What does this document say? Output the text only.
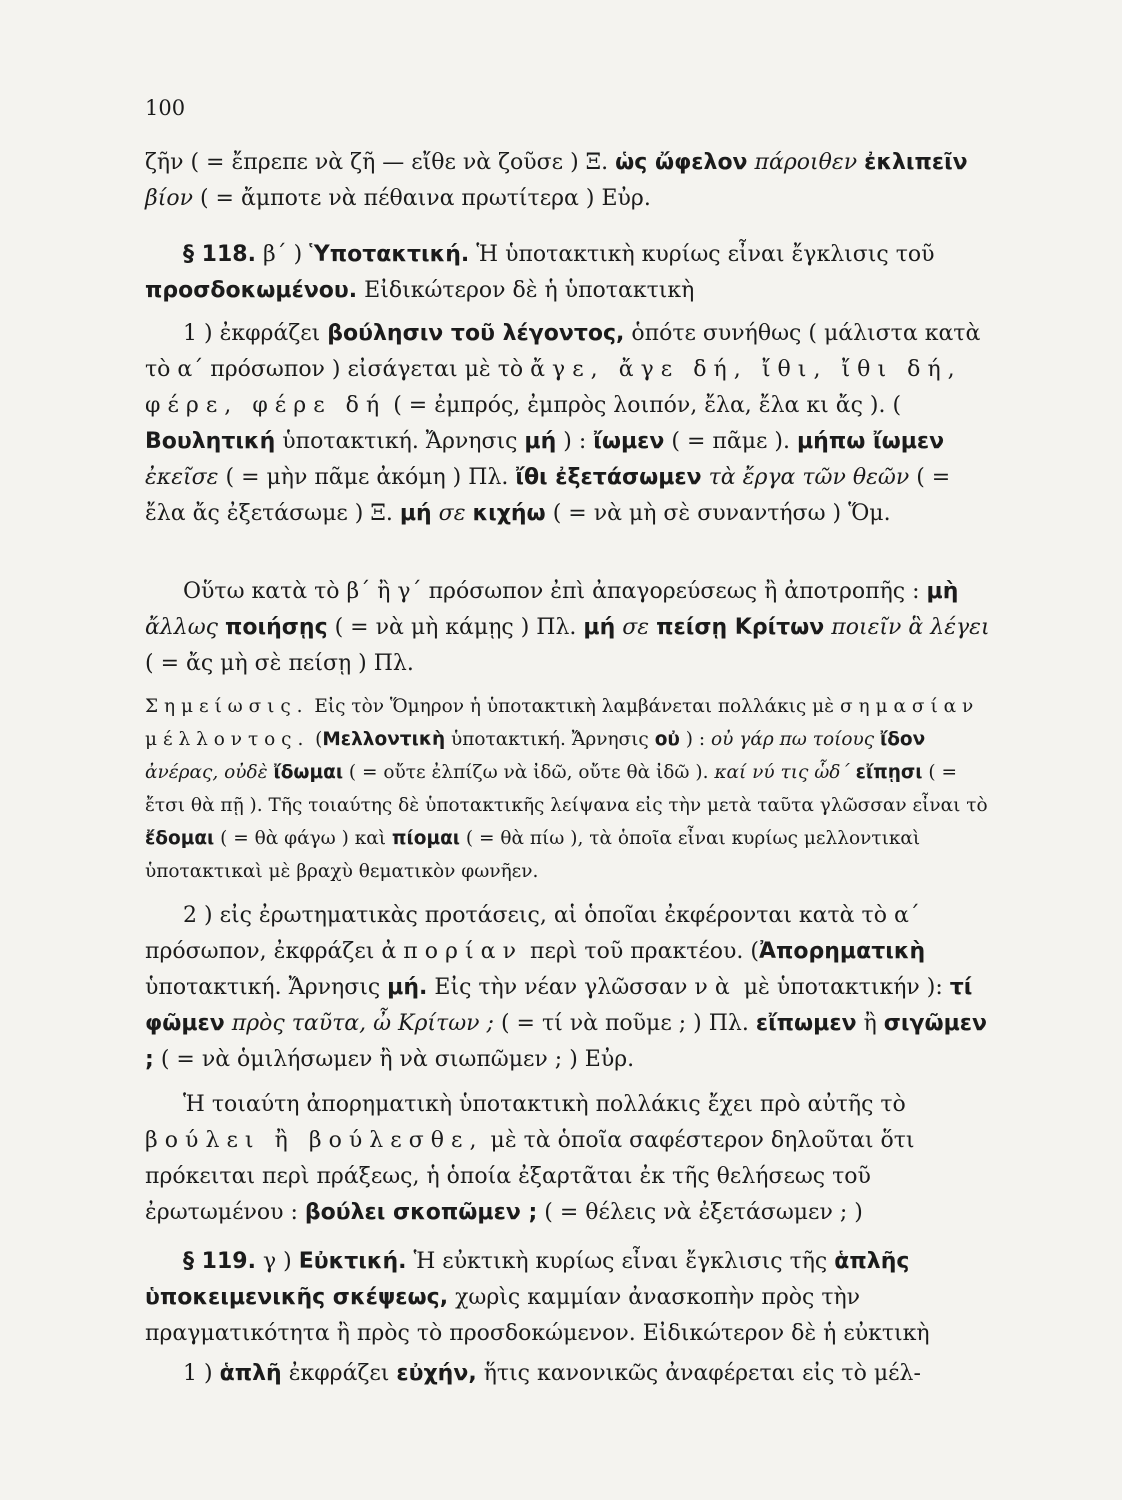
100
ζῆν ( = ἔπρεπε νὰ ζῆ — εἴθε νὰ ζοῦσε ) Ξ. ὡς ὤφελον πάροιθεν ἐκλιπεῖν βίον ( = ἄμποτε νὰ πέθαινα πρωτίτερα ) Εὐρ.
§ 118. β΄ ) Ὑποτακτική. Ἡ ὑποτακτικὴ κυρίως εἶναι ἔγκλισις τοῦ προσδοκωμένου. Εἰδικώτερον δὲ ἡ ὑποτακτικὴ
1 ) ἐκφράζει βούλησιν τοῦ λέγοντος, ὁπότε συνήθως ( μάλιστα κατὰ τὸ α΄ πρόσωπον ) εἰσάγεται μὲ τὸ ἄγε, ἄγε δή, ἴθι, ἴθι δή, φέρε, φέρε δή ( = ἐμπρός, ἐμπρὸς λοιπόν, ἔλα, ἔλα κι ἄς ). ( Βουλητική ὑποτακτική. Ἄρνησις μή ) : ἴωμεν ( = πᾶμε ). μήπω ἴωμεν ἐκεῖσε ( = μὴν πᾶμε ἀκόμη ) Πλ. ἴθι ἐξετάσωμεν τὰ ἔργα τῶν θεῶν ( = ἔλα ἄς ἐξετάσωμε ) Ξ. μή σε κιχήω ( = νὰ μὴ σὲ συναντήσω ) Ὅμ.
Οὕτω κατὰ τὸ β΄ ἢ γ΄ πρόσωπον ἐπὶ ἀπαγορεύσεως ἢ ἀποτροπῆς : μὴ ἄλλως ποιήσῃς ( = νὰ μὴ κάμῃς ) Πλ. μή σε πείσῃ Κρίτων ποιεῖν ἃ λέγει ( = ἄς μὴ σὲ πείσῃ ) Πλ.
Σημείωσις. Εἰς τὸν Ὅμηρον ἡ ὑποτακτικὴ λαμβάνεται πολλάκις μὲ σημασίαν μέλλοντος. (Μελλοντικὴ ὑποτακτική. Ἄρνησις οὐ ) : οὐ γάρ πω τοίους ἴδον ἀνέρας, οὐδὲ ἴδωμαι ( = οὔτε ἐλπίζω νὰ ἰδῶ, οὔτε θὰ ἰδῶ ). καί νύ τις ὧδ΄ εἴπῃσι ( = ἔτσι θὰ πῇ ). Τῆς τοιαύτης δὲ ὑποτακτικῆς λείψανα εἰς τὴν μετὰ ταῦτα γλῶσσαν εἶναι τὸ ἔδομαι ( = θὰ φάγω ) καὶ πίομαι ( = θὰ πίω ), τὰ ὁποῖα εἶναι κυρίως μελλοντικαὶ ὑποτακτικαὶ μὲ βραχὺ θεματικὸν φωνῆεν.
2 ) εἰς ἐρωτηματικὰς προτάσεις, αἱ ὁποῖαι ἐκφέρονται κατὰ τὸ α΄ πρόσωπον, ἐκφράζει ἀπορίαν περὶ τοῦ πρακτέου. (Ἀπορηματικὴ ὑποτακτική. Ἄρνησις μή. Εἰς τὴν νέαν γλῶσσαν νὰ μὲ ὑποτακτικήν ): τί φῶμεν πρὸς ταῦτα, ὦ Κρίτων ; ( = τί νὰ ποῦμε ; ) Πλ. εἴπωμεν ἢ σιγῶμεν ; ( = νὰ ὁμιλήσωμεν ἢ νὰ σιωπῶμεν ; ) Εὐρ.
Ἡ τοιαύτη ἀπορηματικὴ ὑποτακτικὴ πολλάκις ἔχει πρὸ αὐτῆς τὸ βούλει ἢ βούλεσθε, μὲ τὰ ὁποῖα σαφέστερον δηλοῦται ὅτι πρόκειται περὶ πράξεως, ἡ ὁποία ἐξαρτᾶται ἐκ τῆς θελήσεως τοῦ ἐρωτωμένου : βούλει σκοπῶμεν ; ( = θέλεις νὰ ἐξετάσωμεν ; )
§ 119. γ ) Εὐκτική. Ἡ εὐκτικὴ κυρίως εἶναι ἔγκλισις τῆς ἁπλῆς ὑποκειμενικῆς σκέψεως, χωρὶς καμμίαν ἀνασκοπὴν πρὸς τὴν πραγματικότητα ἢ πρὸς τὸ προσδοκώμενον. Εἰδικώτερον δὲ ἡ εὐκτικὴ
1 ) ἁπλῆ ἐκφράζει εὐχήν, ἥτις κανονικῶς ἀναφέρεται εἰς τὸ μέλ-
